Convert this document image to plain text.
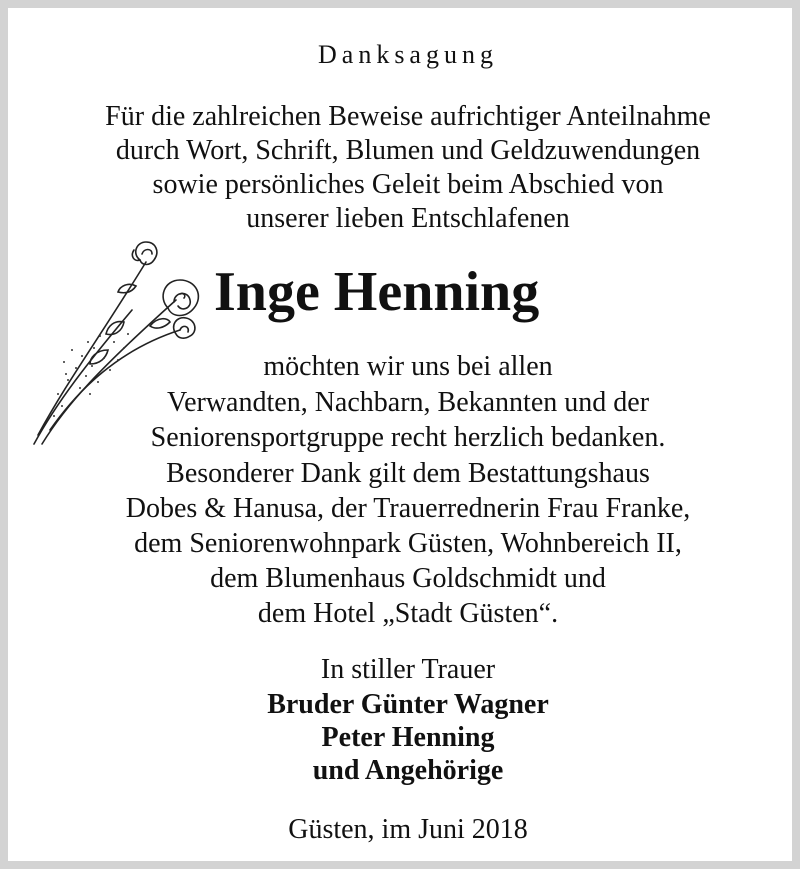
Danksagung
Für die zahlreichen Beweise aufrichtiger Anteilnahme
durch Wort, Schrift, Blumen und Geldzuwendungen
sowie persönliches Geleit beim Abschied von
unserer lieben Entschlafenen
Inge Henning
möchten wir uns bei allen
Verwandten, Nachbarn, Bekannten und der
Seniorensportgruppe recht herzlich bedanken.
Besonderer Dank gilt dem Bestattungshaus
Dobes & Hanusa, der Trauerrednerin Frau Franke,
dem Seniorenwohnpark Güsten, Wohnbereich II,
dem Blumenhaus Goldschmidt und
dem Hotel „Stadt Güsten“.
In stiller Trauer
Bruder Günter Wagner
Peter Henning
und Angehörige
Güsten, im Juni 2018
